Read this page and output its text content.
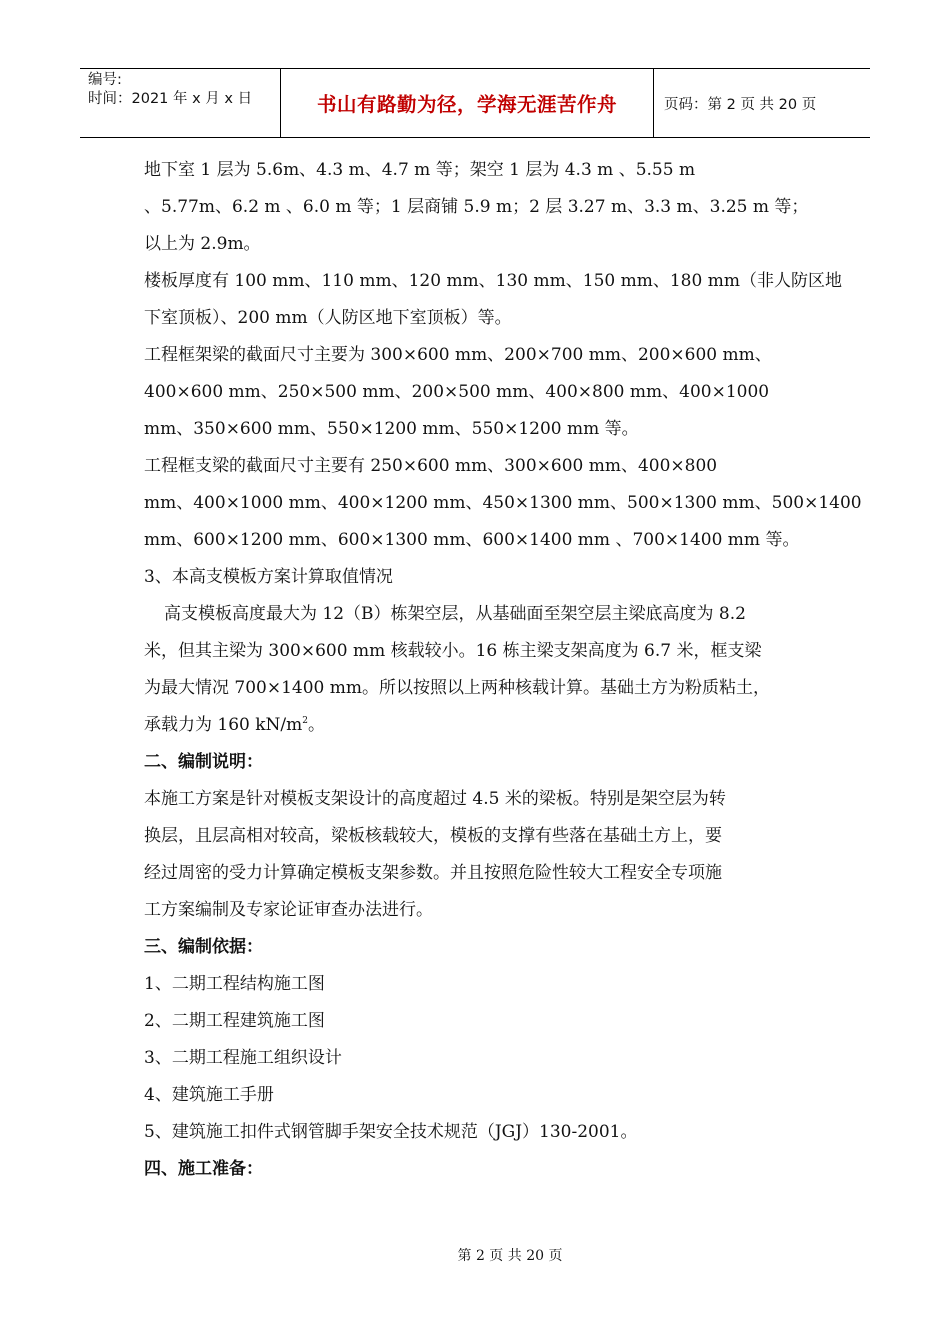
编号:
时间：2021 年 x 月 x 日	书山有路勤为径，学海无涯苦作舟	页码：第 2 页 共 20 页
地下室 1 层为 5.6m、4.3 m、4.7 m 等；架空 1 层为 4.3 m 、5.55 m
、5.77m、6.2 m 、6.0 m 等；1 层商铺 5.9 m；2 层 3.27 m、3.3 m、3.25 m 等；
以上为 2.9m。
楼板厚度有 100 mm、110 mm、120 mm、130 mm、150 mm、180 mm（非人防区地
下室顶板）、200 mm（人防区地下室顶板）等。
工程框架梁的截面尺寸主要为 300×600 mm、200×700 mm、200×600 mm、
400×600 mm、250×500 mm、200×500 mm、400×800 mm、400×1000
mm、350×600 mm、550×1200 mm、550×1200 mm 等。
工程框支梁的截面尺寸主要有 250×600 mm、300×600 mm、400×800
mm、400×1000 mm、400×1200 mm、450×1300 mm、500×1300 mm、500×1400
mm、600×1200 mm、600×1300 mm、600×1400 mm 、700×1400 mm 等。
3、本高支模板方案计算取值情况
高支模板高度最大为 12（B）栋架空层，从基础面至架空层主梁底高度为 8.2
米，但其主梁为 300×600 mm 核载较小。16 栋主梁支架高度为 6.7 米，框支梁
为最大情况 700×1400 mm。所以按照以上两种核载计算。基础土方为粉质粘土，
承载力为 160 $kN/m^2$。
二、编制说明：
本施工方案是针对模板支架设计的高度超过 4.5 米的梁板。特别是架空层为转
换层，且层高相对较高，梁板核载较大，模板的支撑有些落在基础土方上，要
经过周密的受力计算确定模板支架参数。并且按照危险性较大工程安全专项施
工方案编制及专家论证审查办法进行。
三、编制依据：
1、二期工程结构施工图
2、二期工程建筑施工图
3、二期工程施工组织设计
4、建筑施工手册
5、建筑施工扣件式钢管脚手架安全技术规范（JGJ）130-2001。
四、施工准备：
第 2 页 共 20 页
